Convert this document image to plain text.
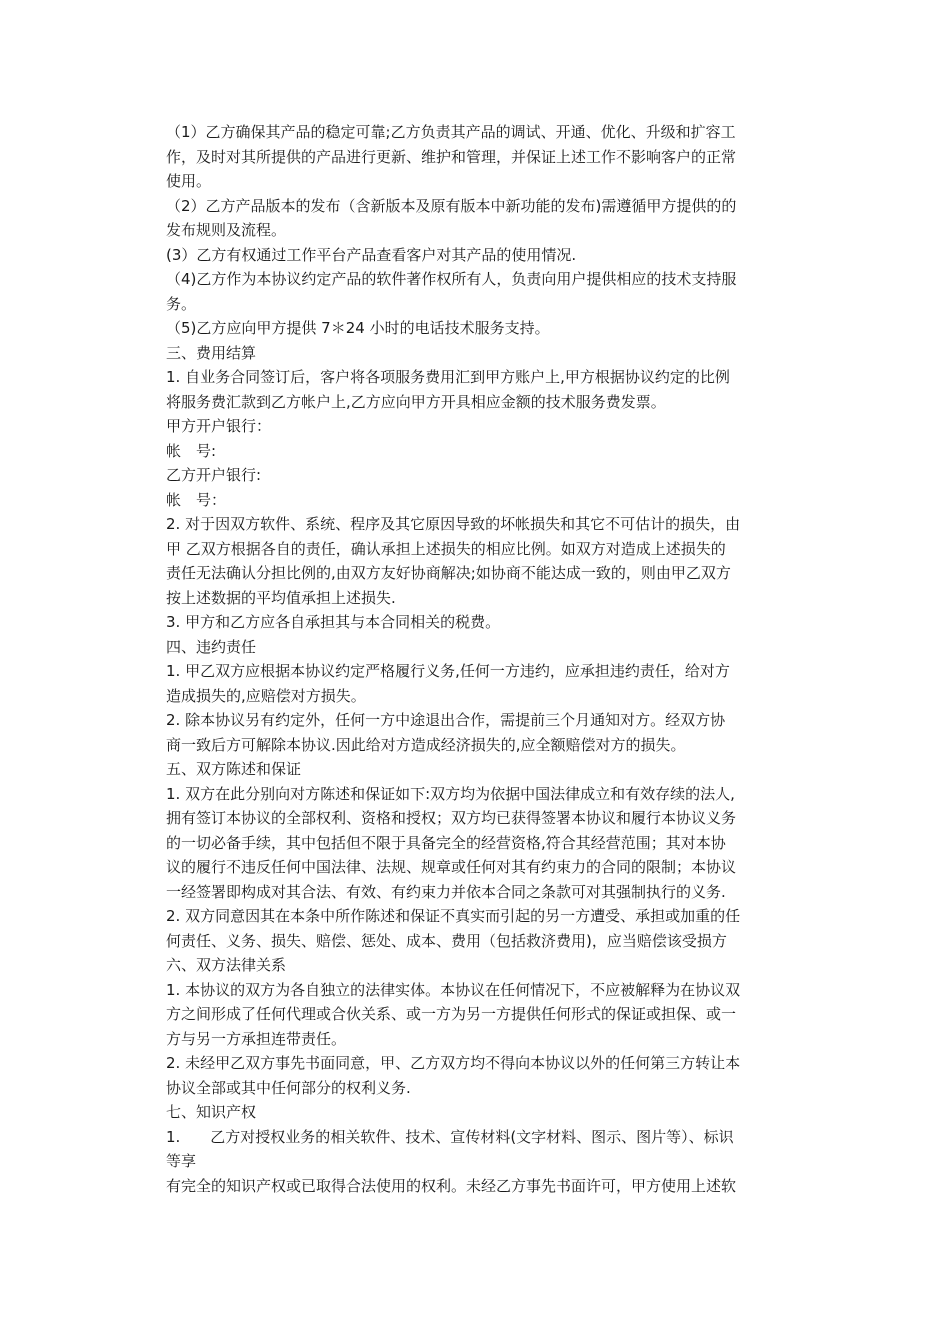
（1）乙方确保其产品的稳定可靠;乙方负责其产品的调试、开通、优化、升级和扩容工
作，及时对其所提供的产品进行更新、维护和管理，并保证上述工作不影响客户的正常
使用。
（2）乙方产品版本的发布（含新版本及原有版本中新功能的发布)需遵循甲方提供的的
发布规则及流程。
(3）乙方有权通过工作平台产品查看客户对其产品的使用情况.
（4)乙方作为本协议约定产品的软件著作权所有人，负责向用户提供相应的技术支持服
务。
（5)乙方应向甲方提供 7＊24 小时的电话技术服务支持。
三、费用结算
1. 自业务合同签订后，客户将各项服务费用汇到甲方账户上,甲方根据协议约定的比例
将服务费汇款到乙方帐户上,乙方应向甲方开具相应金额的技术服务费发票。
甲方开户银行：
帐　号:
乙方开户银行:
帐　号：
2. 对于因双方软件、系统、程序及其它原因导致的坏帐损失和其它不可估计的损失，由
甲 乙双方根据各自的责任，确认承担上述损失的相应比例。如双方对造成上述损失的
责任无法确认分担比例的,由双方友好协商解决;如协商不能达成一致的，则由甲乙双方
按上述数据的平均值承担上述损失.
3. 甲方和乙方应各自承担其与本合同相关的税费。
四、违约责任
1. 甲乙双方应根据本协议约定严格履行义务,任何一方违约，应承担违约责任，给对方
造成损失的,应赔偿对方损失。
2. 除本协议另有约定外，任何一方中途退出合作，需提前三个月通知对方。经双方协
商一致后方可解除本协议.因此给对方造成经济损失的,应全额赔偿对方的损失。
五、双方陈述和保证
1. 双方在此分别向对方陈述和保证如下:双方均为依据中国法律成立和有效存续的法人,
拥有签订本协议的全部权利、资格和授权；双方均已获得签署本协议和履行本协议义务
的一切必备手续，其中包括但不限于具备完全的经营资格,符合其经营范围；其对本协
议的履行不违反任何中国法律、法规、规章或任何对其有约束力的合同的限制；本协议
一经签署即构成对其合法、有效、有约束力并依本合同之条款可对其强制执行的义务.
2. 双方同意因其在本条中所作陈述和保证不真实而引起的另一方遭受、承担或加重的任
何责任、义务、损失、赔偿、惩处、成本、费用（包括救济费用)，应当赔偿该受损方
六、双方法律关系
1. 本协议的双方为各自独立的法律实体。本协议在任何情况下，不应被解释为在协议双
方之间形成了任何代理或合伙关系、或一方为另一方提供任何形式的保证或担保、或一
方与另一方承担连带责任。
2. 未经甲乙双方事先书面同意，甲、乙方双方均不得向本协议以外的任何第三方转让本
协议全部或其中任何部分的权利义务.
七、知识产权
1.　　乙方对授权业务的相关软件、技术、宣传材料(文字材料、图示、图片等）、标识
等享
有完全的知识产权或已取得合法使用的权利。未经乙方事先书面许可，甲方使用上述软
